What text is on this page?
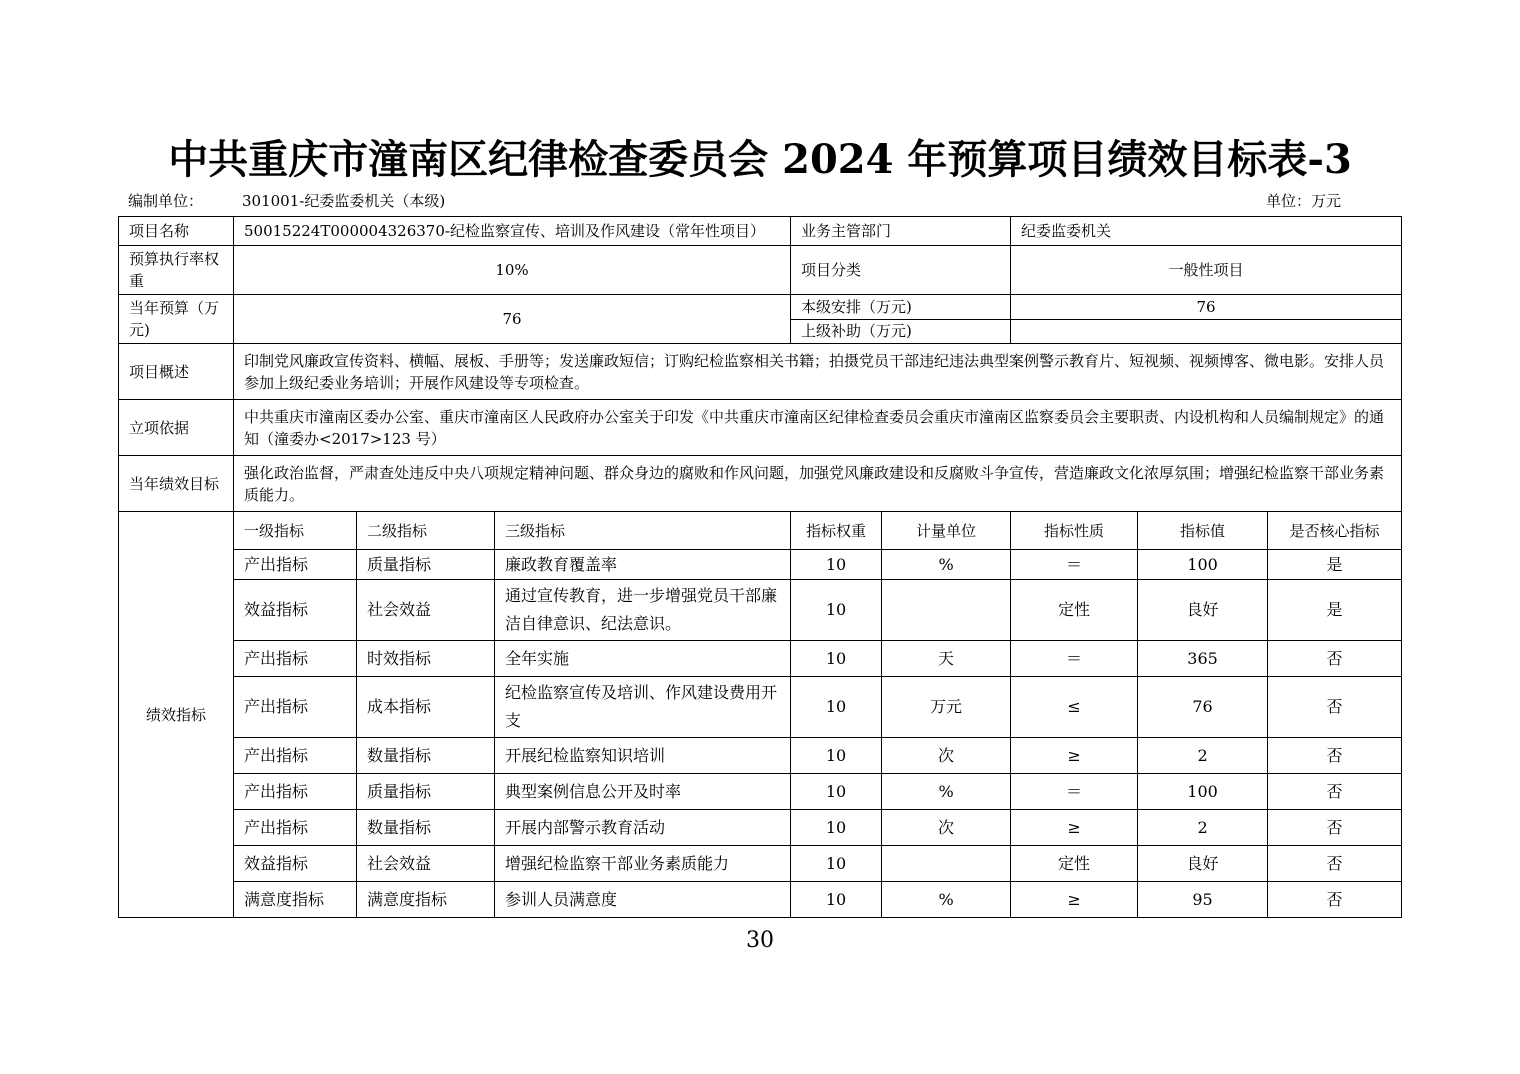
中共重庆市潼南区纪律检查委员会 2024 年预算项目绩效目标表-3
编制单位：	301001-纪委监委机关（本级)	单位：万元
项目名称	50015224T000004326370-纪检监察宣传、培训及作风建设（常年性项目）			业务主管部门		纪委监委机关		
预算执行率权重	10%			项目分类		一般性项目		
当年预算（万元)	76			本级安排（万元)		76		
				上级补助（万元)				
项目概述	印制党风廉政宣传资料、横幅、展板、手册等；发送廉政短信；订购纪检监察相关书籍；拍摄党员干部违纪违法典型案例警示教育片、短视频、视频博客、微电影。安排人员参加上级纪委业务培训；开展作风建设等专项检查。							
立项依据	中共重庆市潼南区委办公室、重庆市潼南区人民政府办公室关于印发《中共重庆市潼南区纪律检查委员会重庆市潼南区监察委员会主要职责、内设机构和人员编制规定》的通知（潼委办<2017>123 号）							
当年绩效目标	强化政治监督，严肃查处违反中央八项规定精神问题、群众身边的腐败和作风问题，加强党风廉政建设和反腐败斗争宣传，营造廉政文化浓厚氛围；增强纪检监察干部业务素质能力。							
绩效指标	一级指标	二级指标	三级指标	指标权重	计量单位	指标性质	指标值	是否核心指标
	产出指标	质量指标	廉政教育覆盖率	10	%	＝	100	是
	效益指标	社会效益	通过宣传教育，进一步增强党员干部廉洁自律意识、纪法意识。	10		定性	良好	是
	产出指标	时效指标	全年实施	10	天	＝	365	否
	产出指标	成本指标	纪检监察宣传及培训、作风建设费用开支	10	万元	≤	76	否
	产出指标	数量指标	开展纪检监察知识培训	10	次	≥	2	否
	产出指标	质量指标	典型案例信息公开及时率	10	%	＝	100	否
	产出指标	数量指标	开展内部警示教育活动	10	次	≥	2	否
	效益指标	社会效益	增强纪检监察干部业务素质能力	10		定性	良好	否
	满意度指标	满意度指标	参训人员满意度	10	%	≥	95	否
30
